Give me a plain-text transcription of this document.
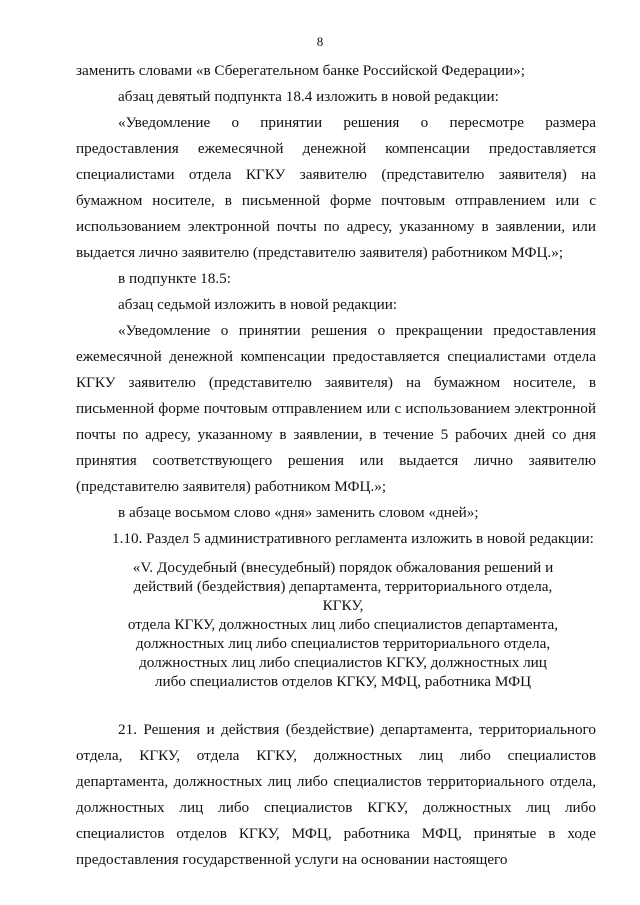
8

заменить словами «в Сберегательном банке Российской Федерации»;

абзац девятый подпункта 18.4 изложить в новой редакции:

«Уведомление о принятии решения о пересмотре размера предоставления ежемесячной денежной компенсации предоставляется специалистами отдела КГКУ заявителю (представителю заявителя) на бумажном носителе, в письменной форме почтовым отправлением или с использованием электронной почты по адресу, указанному в заявлении, или выдается лично заявителю (представителю заявителя) работником МФЦ.»;

в подпункте 18.5:

абзац седьмой изложить в новой редакции:

«Уведомление о принятии решения о прекращении предоставления ежемесячной денежной компенсации предоставляется специалистами отдела КГКУ заявителю (представителю заявителя) на бумажном носителе, в письменной форме почтовым отправлением или с использованием электронной почты по адресу, указанному в заявлении, в течение 5 рабочих дней со дня принятия соответствующего решения или выдается лично заявителю (представителю заявителя) работником МФЦ.»;

в абзаце восьмом слово «дня» заменить словом «дней»;

1.10. Раздел 5 административного регламента изложить в новой редакции:

«V. Досудебный (внесудебный) порядок обжалования решений и
действий (бездействия) департамента, территориального отдела, КГКУ,
отдела КГКУ, должностных лиц либо специалистов департамента,
должностных лиц либо специалистов территориального отдела,
должностных лиц либо специалистов КГКУ, должностных лиц
либо специалистов отделов КГКУ, МФЦ, работника МФЦ

21. Решения и действия (бездействие) департамента, территориального отдела, КГКУ, отдела КГКУ, должностных лиц либо специалистов департамента, должностных лиц либо специалистов территориального отдела, должностных лиц либо специалистов КГКУ, должностных лиц либо специалистов отделов КГКУ, МФЦ, работника МФЦ, принятые в ходе предоставления государственной услуги на основании настоящего
